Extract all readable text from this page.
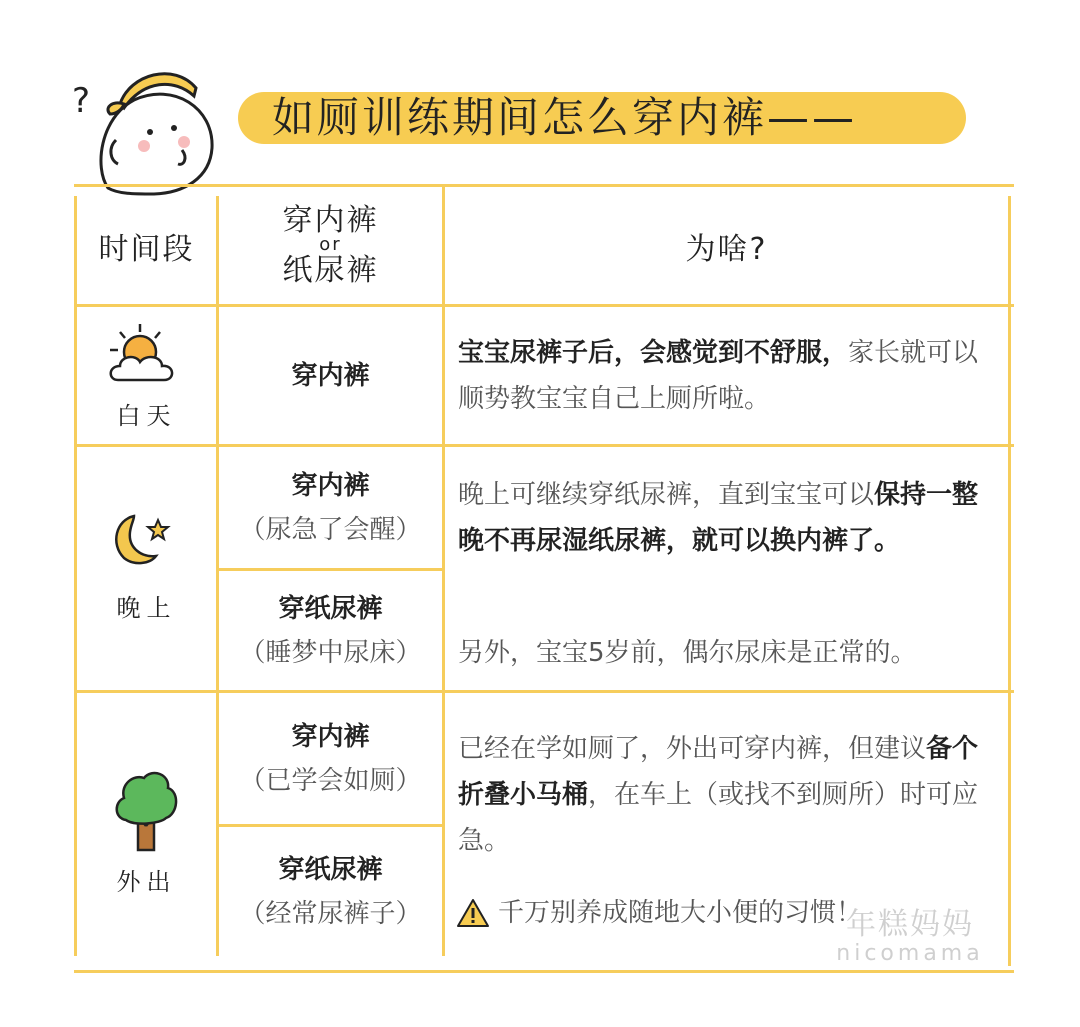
?	如厕训练期间怎么穿内裤——
时间段
穿内裤
or
纸尿裤
为啥?
白天
穿内裤
宝宝尿裤子后，会感觉到不舒服，家长就可以顺势教宝宝自己上厕所啦。
晚上
穿内裤
（尿急了会醒）
穿纸尿裤
（睡梦中尿床）
晚上可继续穿纸尿裤，直到宝宝可以保持一整晚不再尿湿纸尿裤，就可以换内裤了。
另外，宝宝5岁前，偶尔尿床是正常的。
外出
穿内裤
（已学会如厕）
穿纸尿裤
（经常尿裤子）
已经在学如厕了，外出可穿内裤，但建议备个折叠小马桶，在车上（或找不到厕所）时可应急。
千万别养成随地大小便的习惯！
年糕妈妈
nicomama
